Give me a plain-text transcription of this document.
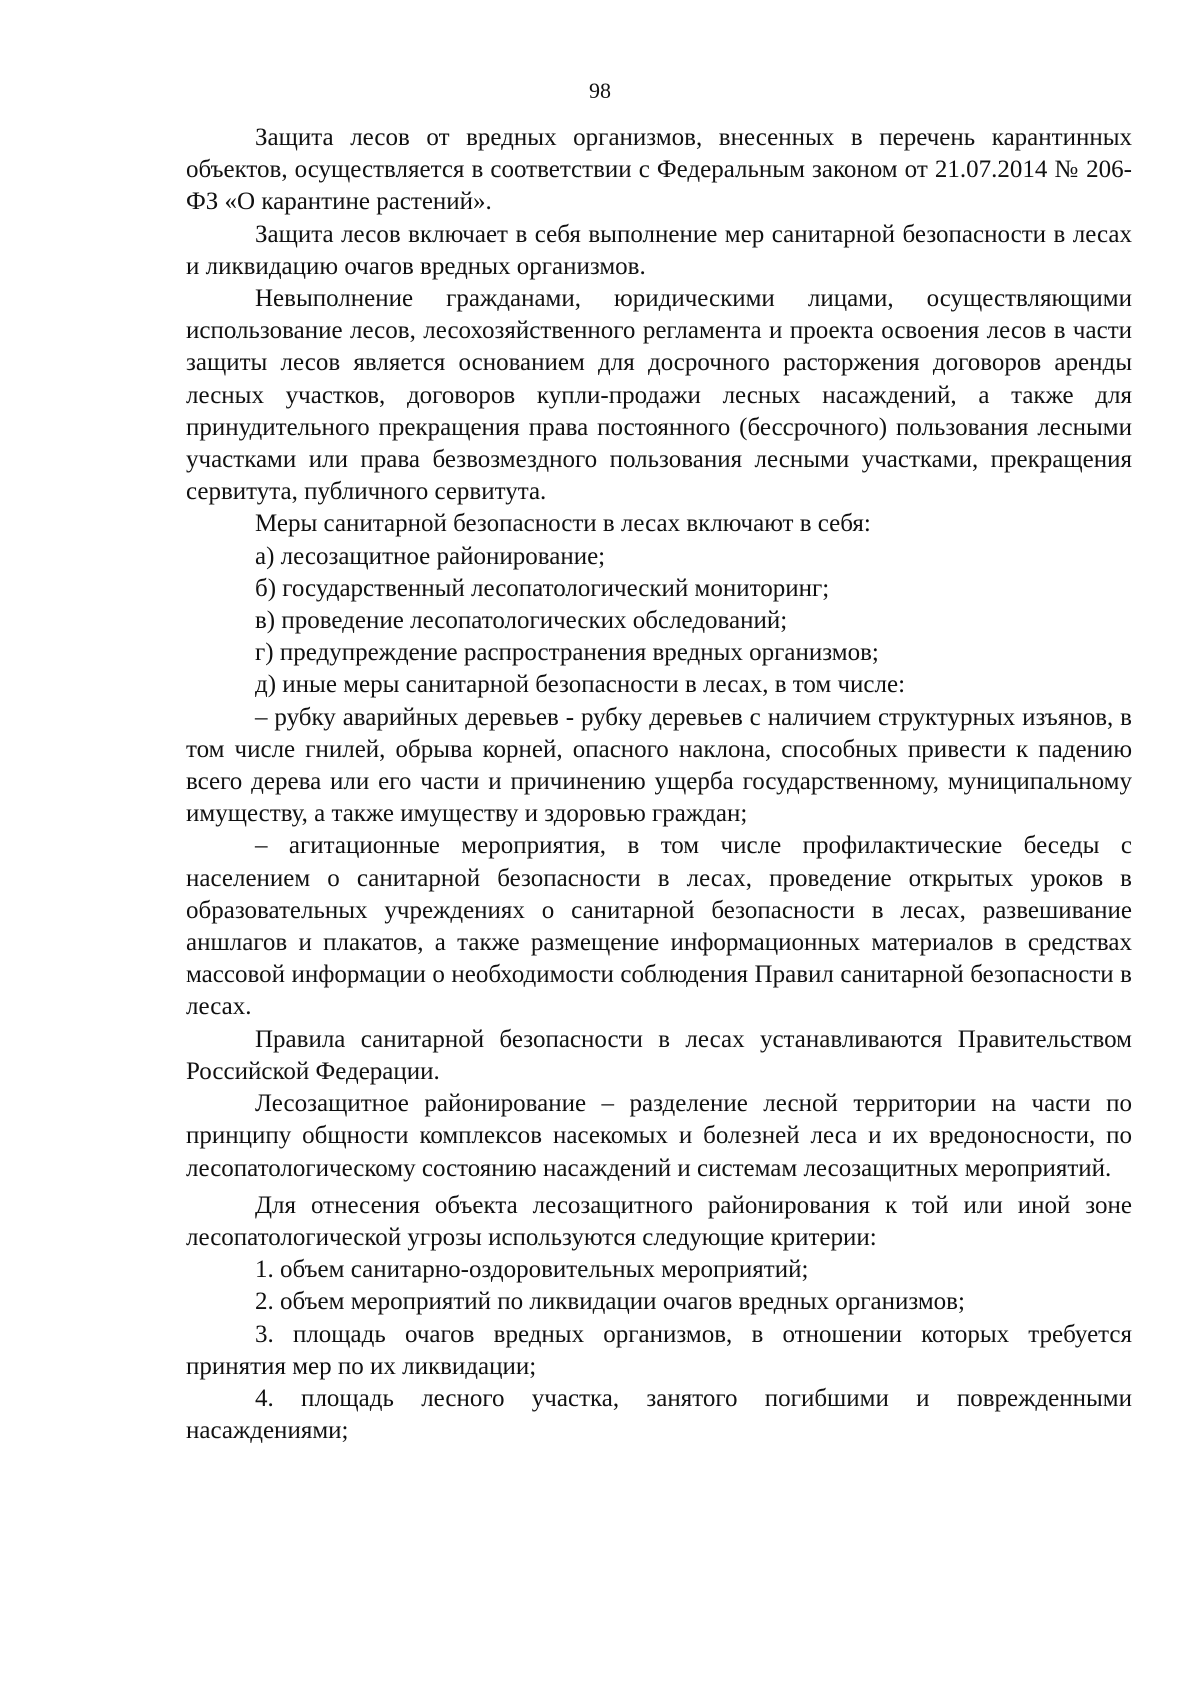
98

Защита лесов от вредных организмов, внесенных в перечень карантинных объектов, осуществляется в соответствии с Федеральным законом от 21.07.2014 № 206-ФЗ «О карантине растений».

Защита лесов включает в себя выполнение мер санитарной безопасности в лесах и ликвидацию очагов вредных организмов.

Невыполнение гражданами, юридическими лицами, осуществляющими использование лесов, лесохозяйственного регламента и проекта освоения лесов в части защиты лесов является основанием для досрочного расторжения договоров аренды лесных участков, договоров купли-продажи лесных насаждений, а также для принудительного прекращения права постоянного (бессрочного) пользования лесными участками или права безвозмездного пользования лесными участками, прекращения сервитута, публичного сервитута.

Меры санитарной безопасности в лесах включают в себя:

а) лесозащитное районирование;

б) государственный лесопатологический мониторинг;

в) проведение лесопатологических обследований;

г) предупреждение распространения вредных организмов;

д) иные меры санитарной безопасности в лесах, в том числе:

– рубку аварийных деревьев - рубку деревьев с наличием структурных изъянов, в том числе гнилей, обрыва корней, опасного наклона, способных привести к падению всего дерева или его части и причинению ущерба государственному, муниципальному имуществу, а также имуществу и здоровью граждан;

– агитационные мероприятия, в том числе профилактические беседы с населением о санитарной безопасности в лесах, проведение открытых уроков в образовательных учреждениях о санитарной безопасности в лесах, развешивание аншлагов и плакатов, а также размещение информационных материалов в средствах массовой информации о необходимости соблюдения Правил санитарной безопасности в лесах.

Правила санитарной безопасности в лесах устанавливаются Правительством Российской Федерации.

Лесозащитное районирование – разделение лесной территории на части по принципу общности комплексов насекомых и болезней леса и их вредоносности, по лесопатологическому состоянию насаждений и системам лесозащитных мероприятий.

Для отнесения объекта лесозащитного районирования к той или иной зоне лесопатологической угрозы используются следующие критерии:

1. объем санитарно-оздоровительных мероприятий;

2. объем мероприятий по ликвидации очагов вредных организмов;

3. площадь очагов вредных организмов, в отношении которых требуется принятия мер по их ликвидации;

4. площадь лесного участка, занятого погибшими и поврежденными насаждениями;
